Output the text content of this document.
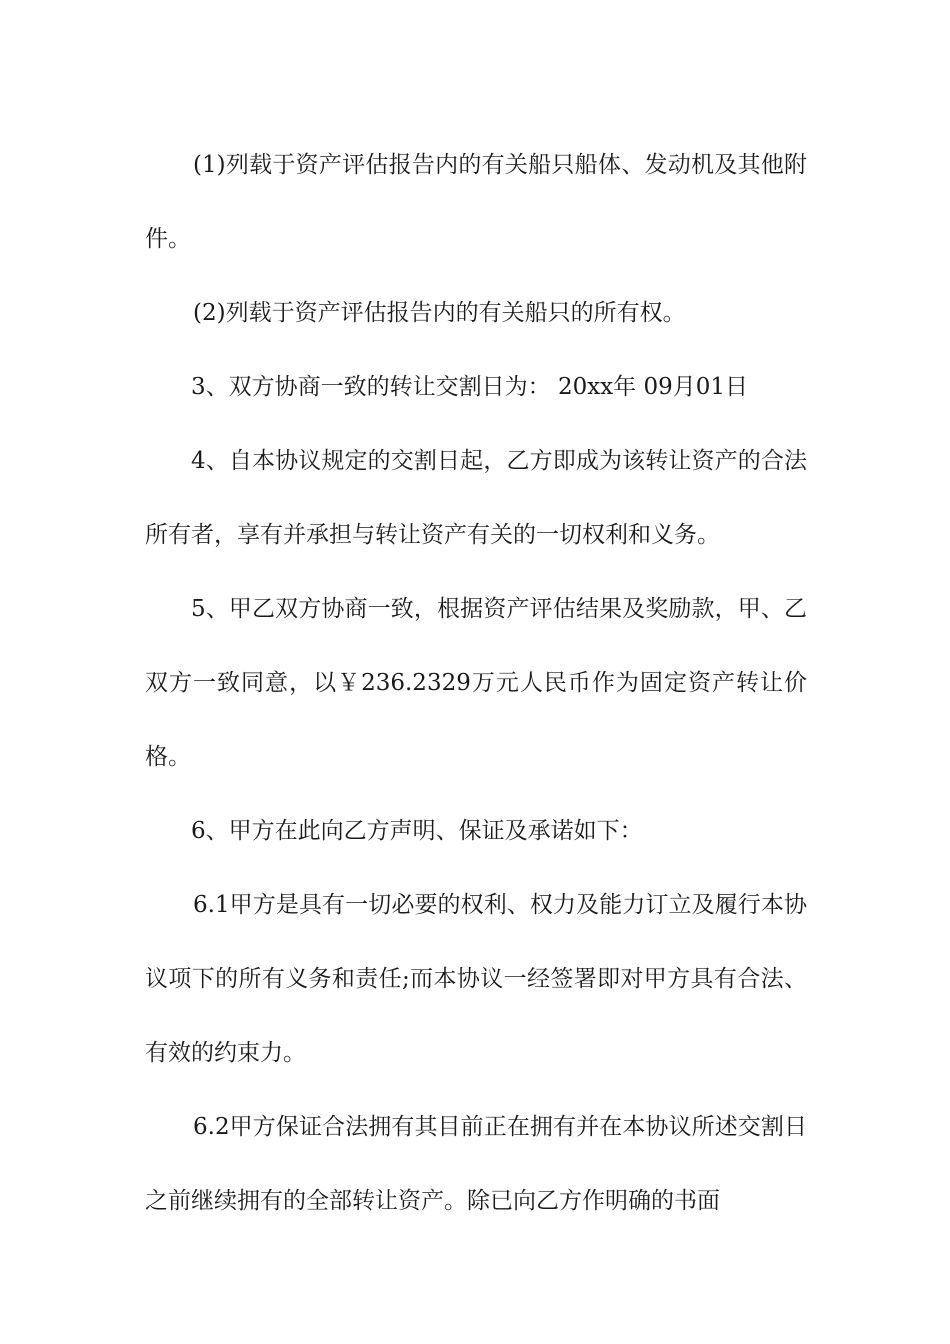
(1)列载于资产评估报告内的有关船只船体、发动机及其他附件。

(2)列载于资产评估报告内的有关船只的所有权。

3、双方协商一致的转让交割日为： 20xx年 09月01日

4、自本协议规定的交割日起，乙方即成为该转让资产的合法所有者，享有并承担与转让资产有关的一切权利和义务。

5、甲乙双方协商一致，根据资产评估结果及奖励款，甲、乙双方一致同意，以￥236.2329万元人民币作为固定资产转让价格。

6、甲方在此向乙方声明、保证及承诺如下：

6.1甲方是具有一切必要的权利、权力及能力订立及履行本协议项下的所有义务和责任;而本协议一经签署即对甲方具有合法、有效的约束力。

6.2甲方保证合法拥有其目前正在拥有并在本协议所述交割日之前继续拥有的全部转让资产。除已向乙方作明确的书面
